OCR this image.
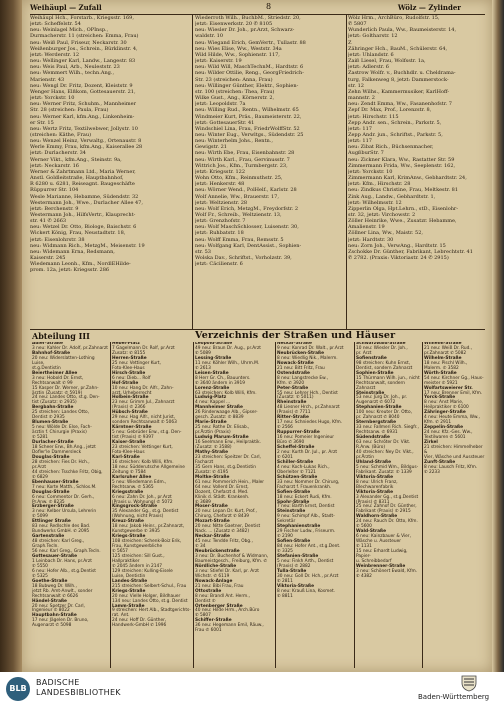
Weihäupl — Zufall	8	Wölz — Zylinder
Weihäupl Hch., Forstarb., Kriegsstr. 169,
jetzt: Scheffelstr. 54
neu: Weinlagel Mich., OPInsp.,
Durmacherstr. 11 (streichen: Emma, Frau)
neu: Weiß Paul, Friseur, Neckarstr. 30
Weißenburger Jos., Schrein., Bürklinstr. 4,
jetzt: Werderstr. 12
neu: Wellinger Karl, Landw., Langestr. 83
neu: Weis Paul, Arb., Neuleststr. 23
neu: Wemmert Wilh., techn.Ang.,
Marienstr. 43
neu: Wengl Dr. Fritz, Dozent, Kleiststr. 9
Wenger Hans, Elßkom, Gottesauerstr. 21,
jetzt: Yorckstr. 10
neu: Werner Fritz, Schuhm., Mannheimer
Str. 28 (streichen: Paula, Frau)
neu: Werner Karl, kfm.Ang., Linkenheim-
er Str. 15
neu: Wertz Fritz, Textilwebwer, Jollystr. 10
(streichen: Käthe, Frau)
neu: Wenzel Heinz, Verwaltg., Ortenaustr. 8
Werle Emmy, Frau, kfm.Ang., Kaiserallee 28
jetzt: Durlacherstr. 34
Werner Vikt., kfm.Ang., Steinstr. 9a,
jetzt: Neckarstr. 16
Werner & Zahrtmann Ltd., Maria Werner,
Anstl. Goldleitstraße, Hauptbahnhof,
R 6280 u. 6281, Reiseagnt. Baugeschäfte
Rüppurrer Str. 104
Wesle Marianne, Hebamme, Südendstr. 32
Westermann Joh., Wwe., Durlacher Allee 47,
jetzt: Berchenstr. 9
Westermann Joh., HilfsVertr., Klauprecht-
str. 41 ✆ 2663
neu: Wetzel Dr. Otto, Biologe, Baischstr. 6
Wickert König, Frau, Neustadtstr. 18,
jetzt: Eisenlohrstr. 38
neu: Widmann Rich., MetzgM., Meisenstr. 19
neu: Widemann Erna, Redsmann,
Kaiserstr. 245
Wiedemann Leonh., Kfm., NordlEHilde-
prom. 12a, jetzt: Kriegsstr. 286
Wiederroth Wilh., BuchbM., Striedstr. 20,
jetzt: Eisenwerkstr. 20 ✆ 8105
neu: Wiesler Dr. Joh., pr.Arzt, Schwarz-
waldstr. 10
neu: Wiegand Erich, GemVertr., Tullastr. 88
neu: Wies Elise, Ww., Weststr. 34a
Wild Hilde, Ww., Sophienstr. 117,
jetzt: Kaiserstr. 19
neu: Wild Will, MaschTechnM., Hardtstr. 6
neu: Wilder Ottilie, Reng., GeorgFriedrich-
Str. 23 (streichen: Anna, Frau)
neu: Willinger Günther, Elektr., Sophien-
str. 100 (streichen: Thea, Frau)
Wilke Gust., Ang., Körnerstr. 2,
jetzt: Leopoldstr. 7a
neu: Willing Rud., Rentn., Wilhelmstr. 65
Windmeier Kurt, Präs., Baumeisterstr. 22,
jetzt: GottesauerStr. 41
Windschiel Lina, Frau, FriedrWolffStr. 52
neu: Winter Eug., Verwltgs., Südendstr. 25
neu: Winterhelm Johs., Rentn.,
Gewigstr. 21
neu: Wirth Ebe, Frau, Eisenbahnstr. 28
neu: Wirth Karl., Frau, Gervinusstr. 7
Wittrich Jos., Kfm., Turmbergstr. 23,
jetzt: Kriegsstr. 122
Wohn Otto, Kfm., Reinmuthstr. 25,
jetzt: Henkerstr. 48
neu: Wörner Wend., PolHelf., Karlstr. 28
Wolf Annelie, Ww., Brauerstr. 17,
jetzt: Weltzienstr. 28
neu: Wolf Erich, MetzgM., Freydorfstr. 2
Wolf Fr., Schreib., Weltzienstr. 13,
jetzt: Grenzhofstr. 7
neu: Wolf MaschSchlosser, Luisenstr. 30,
jetzt: Ruhbatstr. 18
neu: Wolff Emma, Frau, Remsstr. 5
neu: Wolfgang Karl, DentAssist., Sophien-
str. 53
Wolska Dav., Schriftst., Vorholzstr. 39,
jetzt: Cäcilienstr. 6
Wölz Hrm., ArchBüro, Rudolfstr. 15,
✆ 5807
Wunderlich Paula, Ww., Baumeisterstr. 14,
jetzt: Goltharstr. 12
Z
Zähringer Hch., BauM., Schülerstr. 64,
jetzt: Uhlandstr. 6
Zaiß Liesel, Frau, Wolfsstr. 1a,
jetzt: Adlerstr. 6
Zastrow Wolfr. v., Buchhdlr. u. Cheldrama-
turg, Falkenweg 8, jetzt: Dammerstock-
str. 12
Zehn Wilhs., Kammermusiker, KarlHoff-
mannstr. 2
neu: Zendt Emma, Ww., Fasanenhofstr. 7
Zepf Dr. Max, Prof., Lorenzstr. 8,
jetzt: Hirschstr. 115
Zepp Andr. sen., Schrein., Parkstr. 5,
jetzt: 117
Zepp Andr. jun., Schriftst., Parkstr. 5,
jetzt: 117
neu: Zibat Rich., Büchsenmacher,
AugßburStr. 7
neu: Zickner Klara, Ww., Rastatter Str. 59
Zimmermann Frida, Ww., Seeplenstr. 162,
jetzt: Yorckstr. 10
Zimmermann Karl, KrimAnw., Gebhardtstr. 24,
jetzt: Kfm., Hirschstr. 28
neu: Zindkus Christine, Frau, Meltkestr. 81
Zink Aug., Landw., Gebhardtstr. 1,
jetzt: Wilhelmsstr. 12
Zipperlin Olga, Hpt.Lehrn., stD., Eisenlohr-
str. 32, jetzt: Virchowstr. 2
Zöller Heinrike, Wwe., Zusatzr. Hebamme,
Amalienstr. 19
Zöllner Lina, Ww., Maistr. 52,
jetzt: Hardtstr. 30
neu: Zorn Joh., VerwAng., Hardtstr. 15
Zschokke Dr. Günther, Fabrikant, Lebrechtstr. 41
✆ 2782. (Praxis: Viktoriastr. 24 ✆ 2915)
Abteilung III	Verzeichnis der Straßen und Häuser
Adler-Straße
3 neu: Kahler Dr. Adolf, pr.Zahnarzt
Bahnhof-Straße
20 neu: Widerslatten-Lothing Luise,
st.g.Dentistin
Beiertheimer Allee
3 neu: Hobold Dr. Ernst,
Rechtsanwalt ✆ 99
15 Kasper Dr. Werner, pr.Zahn-
ärztin (Zusatz: ✆ 5919)
24 neu: Landes Otto, st.g. Den-
tist (Zusatz: ✆ 2935)
Bergbahn-Straße
25 streichen: Landes Otto,
Dentist ✆ 2935
Blumen-Straße
5 neu: Wölde Dr. Else, Fach-
ärztin f. Chirurgie (Praxis)
✆ 5281
Durlacher-Straße
18 Scheer Erw., Bh.Ang., jetzt
Dofler'le Dammersleck
Douglas-Straße
28 streichen: Fies Dr. Hch.,
pr.Arzt
44 streichen: Tsschke Fritz, Obig,
✆ 6829
Ebenhauser-Straße
7 neu: Korte Matth., Schlos.M.
Douglas-Straße
6 neu: Commentor Dr. Gerh.,
Pr.Anw. ✆ 8235
Erzberger-Straße
3 neu: Kelber Ursula, Lehrerin
✆ 5099
Ettlinger Straße
83 neu: Redlschle des Bad.
Bundwerks GmbH. ✆ 2095
Gartenstraße
48 streichen: Karl Greg.,
Graph.Tecln.
56 neu: Karl Greg., Graph.Tecln.
Gottesauer-Straße
1 Leinbach Dr. Hans, pr.Arzt
✆ 5550
6 neu: Hofer Alb., st.g.Dentist
✆ 5325
Goethe-Straße
18 Bubweg Dr. Wilh.,
jetzt Rb. Amt-Anwlt., sonder
Rechtsanwalt ✆ 6626
Händel-Straße
20 neu: Spetzer Dr. Carl,
Ingenieur ✆ 8022
Hauptbahn-Straße
17 neu: Jägelen Dr. Bruno,
Augenarzt ✆ 5098
Hebel-Platz
7 Gagelmann Dr. Rolf, pr.Arzt
Zusatz: ✆ 8155
Herren-Straße
25 neu: Vettinger Kurt,
Foto-Klee-Haus
Hirsch-Straße
6 neu: Dieb... Rolf
Hof-Straße
10 neu: Hang Dr. Alfr., Zahn-
arzt, Urheberrecht
Holbein-Straße
23 neu: Grimm Jul., Zahnarzt
(Praxis) ✆ 2366
Hübsch-Straße
29 neu: Hag Alfr., nicht Jurist,
sondern Rechtsanwalt ✆ 5063
Kärntner-Straße
5 neu: Gebrüder Erw., st.g. Den-
tist (Praxis) ✆ 9397
Kaiser-Straße
23 streichen: Vettinger Kurt,
Foto-Klee-Haus
Karl-Straße
16 streichen: Kolb Willi, Kfm.
18 neu: Südderutsche Allgemeine
Zeitung ✆ 7584
Karlsruher Allee
5 neu: Wiedemann Edm.,
Rechtsanw. ✆ 5365
Kriegsstraße
6 neu: Zahn Dr. Joh., pr.Arzt
(Praxis u. Wohnung) ✆ 5072
Kingsgrock-Straße
35 Alexander Gg., st.g. Dentist
(Wohnung, nicht Praxis)
Kreuz-Straße
18 neu: Jakob Heinr., pr.Zahnarzt,
Kunstgewerbe ✆ 3935
Kriegs-Straße
108 streichen: Schenk-Boiz Erik,
Frau, Kunstgewerbliche
✆ 5657
125 streichen: Sill Gust., Hallpraktiker
✆ 2045 ändern in 2147
129 streichen: Kulling-Eisele
Luise, Dentistin
Landes-Straße
215 streichen: Selbert-Schul., Frau
Kriegs-Straße
20 neu: Vielle Holger, Bildhauer
134 neu: Landes Otto, st.g. Dentist
Lamm-Straße
9 streichen: Hert Alb., Stadtgerichts-
rat. Ant.
24 neu: Hoff Dr. Günther,
Handwerk-GmbH ✆ 1996
Leopold-Straße
49 neu: Braun Dr. Aug., pr.Arzt
✆ 5089
Lessing-Straße
11 neu: Köhler Wilh., Uhrm.M.
✆ 2613
Leisen-Straße
8 Herr Gr. Ch., Bauunters.
✆ 3640 ändern in 3919
Lorenz-Straße
63 streichen: Kolb Willi, Kfm.
Ludwig-Platz
4 neu: Kappel ...
Mannheimer Straße
26 Rinderwaage Alb., Gipser-
gesch. Zusatz: ✆ 8839
Marie-Straße
25 neu: Rothe Dr. Elisab.,
pr.Ärztin (Praxis)
Ludwig Marum-Straße
16 Seelmann Erw., Heilpraktik.
(Zusatz: ✆ 3588)
Mathy-Straße
23 streichen: Speitzer Dr. Carl,
Facharzt
35 Gern Hans, st.g.Dentistin
Zusatz: ✆ 4195
Moltke-Straße
61 neu: Pommerich Hein., Maler
64 neu: Vollerd Dr. Ernst,
Dozent, Chefarzt d. Med.
Klinik d. Städt. Krankenh.
✆ 3689
Moser-Straße
20 neu: Lepan Dr. Kurt, Prof.,
Chirurg, Chefarzt ✆ 8439
Mozart-Straße
20 neu: Nitte Gaetner, Dentist
Nack. ... (Zusatz ✆ 3482)
Neckar-Straße
45 neu: Tendde Fritz, Obg.,
✆ 34
Neubrückenstraße
3 neu: Dr. Buchenhof & Widmann,
Baumeistgesch., Freiburg, Kfm. ✆
Nördliche-Straße
3 neu: Stiefel Dr. Karl, pr. Arzt
Wichstr. ✆ 6119
Nowack-Anlage
21 neu: Bibi Frau, Frau
Ottostraße
8 neu: Brandl Ant. Herm.,
Dentist ✆
Ortenberger Straße
40 neu: Hilde Hrm., Arch.Büro
✆ 5807
Schiffer-Straße
36 neu: Hegemann Emil, Räuw.,
Frau ✆ 6001
Neckar-Straße
9 neu: Konrad Dr. Walt., pr.Arzt
Neubrücken-Straße
8 neu: Wiedlig Nik., Malerm.
Nowack-Straße
21 neu: Bitt Fritz, Frau
Ostendstraße
8 neu: Langstrecke Ew.,
Kfm. ✆ 3920
Peter-Straße
55 neu: Lehrer Hch., Dentist
(Zusatz: ✆ 5011)
Rheinstraße
48 Liesner Hrch., pr.Zahnarzt
(Praxis) ✆ 7711
Ritter-Straße
17 neu: Schniedes Hugo, Kfm.
✆ 2566
Ruppurrer-Straße
16 neu: Pomeier Ingenieur
Büro ✆ 3690
Scheffel-Straße
2 neu: Kurth Dr. Jul., pr. Arzt
✆ 6201
Schiller-Straße
4 neu: Koch-Lukas Rich.,
Oberleiter ✆ 7121
Schützen-Straße
33 neu: Nommer Dr. Chirurg,
Facharzt f. Frauenkrankh.
Sofien-Straße
18 neu: Eckert Rudi, Kfm.
Spohr-Straße
7 neu: Barth Ernst, Dentist
Steinstraße
9 neu: Schimpf Alb., Stadt-
Sekretär
Stephanienstraße
29 Fischer Ludw., Friseurm.
✆ 2190
Sofien-Straße
84 neu: Hofer Ant., st.g.Dent.
✆ 3325
Stefanien-Straße
5 neu: Finkh Arth., Dentist
(Praxis) ✆ 2882
Tulla-Straße
30 neu: Goll Dr. Hch., pr.Arzt
✆ 2811
Viktoria-Straße
8 neu: Krauß Lina, Kosmet.
✆ 8811
Schwarzwald-Straße
10 neu: Wiesler Dr. Joh.,
pr. Arzt
Sofienstraße
98 streichen: Kuhn Ernst,
Dentist, sondern Zahnarzt
Sophien-Straße
15 Thürmann Wilh. jun., nicht
Rechtsanwalt, sondern
Zahnarzt
Steinstraße
53 neu: Jürg Dr. Joh., pr.
Augenarzt ✆ 6072
Stephanien-Straße
100 neu: Kreuter Dr. Otto,
pr. Zahnarzt ✆ 8040
Sternbergstraße
33 neu: Fallmeri Rich. Siegfr.,
Rechtsanw. ✆ 6931
Südendstraße
63 neu: Schröter Dr. Vikt.
R.Anw. (Büro)
40 streichen: Ney Dr. Vikt.,
pr.Ärztin
Uhland-Straße
5 neu: Schmid Wm., Bildgus-
Fabrikant. Zusatz: ✆ 1339
Viktoria-Straße
8 neu: Ulrich Franz,
Blechwarenfabrik
Viktoria-Straße
3 Alexander Gg., st.g.Dentist
(Praxis) ✆ 8311
25 neu: Zahnof Dr. Günther,
Fabrikant (Praxis) ✆ 2915
Waldhorn-Straße
24 neu: Rauch Dr. Otto, Kfm.
✆ 5600
Wald-Straße
6 neu: Kainzbauer & Vier,
Wäsche u. Aussteuer
✆ 1131
15 neu: Erhardt Ludwig, Papier-
u. Schreibbedarf
Weinbrenner-Straße
3 neu: Schönert Ewald, Kfm.
✆ 4382
Wilhelm-Straße
21 neu: Weiß Dr. Rud.,
pr.Zahnarzt ✆ 5082
Wilhelm-Straße
18 neu: Pischl Wilh.,
Malerm. ✆ 3582
Wörth-Straße
54 neu: Kirchner Gg., Haus-
meister ✆ 5921
Wolfartsweierer Str.
17 neu: Brenner Emil, Kfm.
Yorck-Straße
8 neu: Anst Marie,
Heilpraktiker ✆ 6100
Zähringer-Straße
4 neu: Heute Emma, Ww.,
Kfm. ✆ 2911
Zeppelin-Straße
24 neu: Kfz.-Ges. Ww.,
Textilwaren ✆ 5601
Zirkel
21 streichen: Himmelheber &
Vier, Wäsche und Aussteuer
Zunft-Straße
8 neu: Lausch Fritz, Kfm.
✆ 2233
BLB
BADISCHE
LANDESBIBLIOTHEK	Baden-Württemberg
